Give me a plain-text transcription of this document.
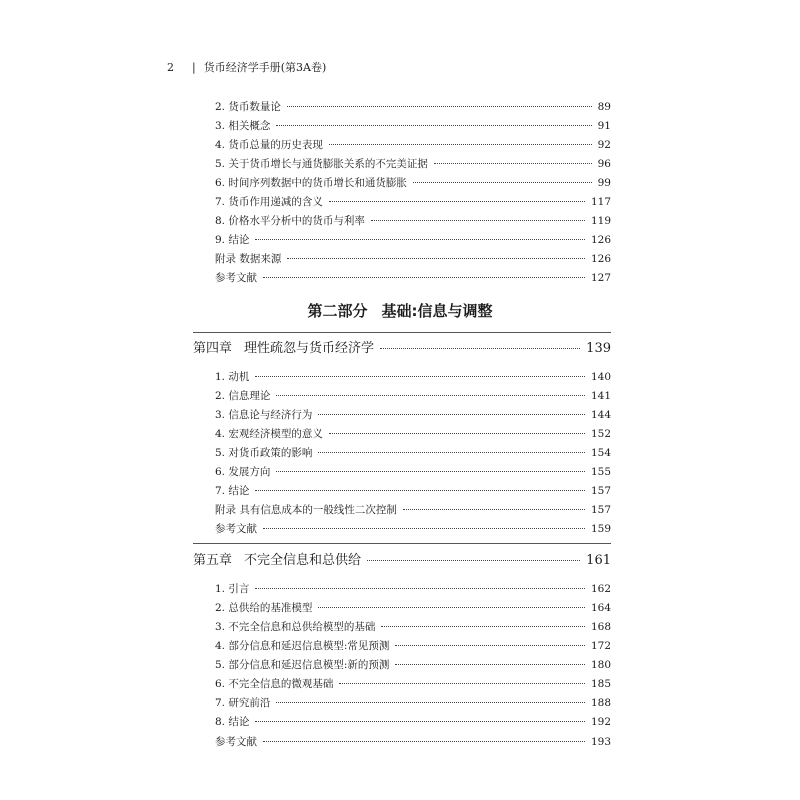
2 | 货币经济学手册(第3A卷)
2. 货币数量论	89
3. 相关概念	91
4. 货币总量的历史表现	92
5. 关于货币增长与通货膨胀关系的不完美证据	96
6. 时间序列数据中的货币增长和通货膨胀	99
7. 货币作用递减的含义	117
8. 价格水平分析中的货币与利率	119
9. 结论	126
附录 数据来源	126
参考文献	127
第二部分 基础:信息与调整
第四章 理性疏忽与货币经济学	139
1. 动机	140
2. 信息理论	141
3. 信息论与经济行为	144
4. 宏观经济模型的意义	152
5. 对货币政策的影响	154
6. 发展方向	155
7. 结论	157
附录 具有信息成本的一般线性二次控制	157
参考文献	159
第五章 不完全信息和总供给	161
1. 引言	162
2. 总供给的基准模型	164
3. 不完全信息和总供给模型的基础	168
4. 部分信息和延迟信息模型:常见预测	172
5. 部分信息和延迟信息模型:新的预测	180
6. 不完全信息的微观基础	185
7. 研究前沿	188
8. 结论	192
参考文献	193
